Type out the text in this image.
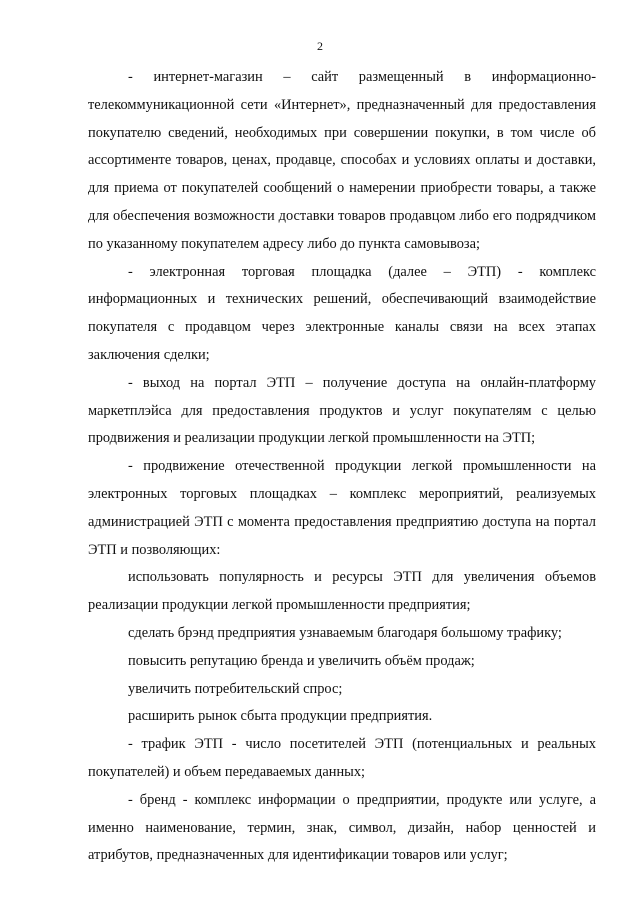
2

- интернет-магазин – сайт размещенный в информационно-телекоммуникационной сети «Интернет», предназначенный для предоставления покупателю сведений, необходимых при совершении покупки, в том числе об ассортименте товаров, ценах, продавце, способах и условиях оплаты и доставки, для приема от покупателей сообщений о намерении приобрести товары, а также для обеспечения возможности доставки товаров продавцом либо его подрядчиком по указанному покупателем адресу либо до пункта самовывоза;

- электронная торговая площадка (далее – ЭТП) - комплекс информационных и технических решений, обеспечивающий взаимодействие покупателя с продавцом через электронные каналы связи на всех этапах заключения сделки;

- выход на портал ЭТП – получение доступа на онлайн-платформу маркетплэйса для предоставления продуктов и услуг покупателям с целью продвижения и реализации продукции легкой промышленности на ЭТП;

- продвижение отечественной продукции легкой промышленности на электронных торговых площадках – комплекс мероприятий, реализуемых администрацией ЭТП с момента предоставления предприятию доступа на портал ЭТП и позволяющих:

использовать популярность и ресурсы ЭТП для увеличения объемов реализации продукции легкой промышленности предприятия;

сделать брэнд предприятия узнаваемым благодаря большому трафику;

повысить репутацию бренда и увеличить объём продаж;

увеличить потребительский спрос;

расширить рынок сбыта продукции предприятия.

- трафик ЭТП - число посетителей ЭТП (потенциальных и реальных покупателей) и объем передаваемых данных;

- бренд - комплекс информации о предприятии, продукте или услуге, а именно наименование, термин, знак, символ, дизайн, набор ценностей и атрибутов, предназначенных для идентификации товаров или услуг;
